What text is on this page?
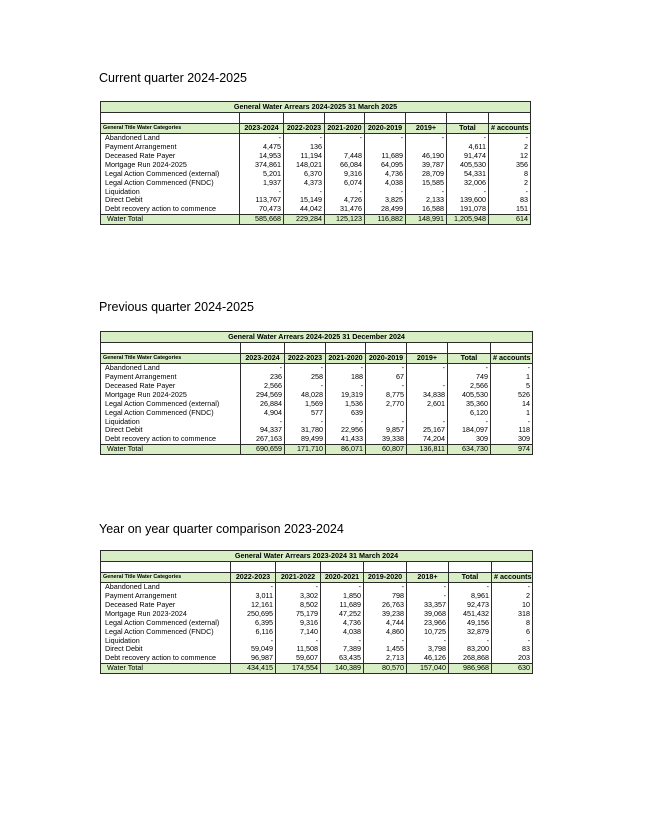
Current quarter 2024-2025
General Water Arrears 2024-2025 31 March 2025							

General Title Water Categories	2023-2024	2022-2023	2021-2020	2020-2019	2019+	Total	# accounts
Abandoned Land	-	-	-	-	-	-	-
Payment Arrangement	4,475	136				4,611	2
Deceased Rate Payer	14,953	11,194	7,448	11,689	46,190	91,474	12
Mortgage Run 2024-2025	374,861	148,021	66,084	64,095	39,787	405,530	356
Legal Action Commenced (external)	5,201	6,370	9,316	4,736	28,709	54,331	8
Legal Action Commenced (FNDC)	1,937	4,373	6,074	4,038	15,585	32,006	2
Liquidation	-	-	-	-	-	-	-
Direct Debit	113,767	15,149	4,726	3,825	2,133	139,600	83
Debt recovery action to commence	70,473	44,042	31,476	28,499	16,588	191,078	151
Water Total	585,668	229,284	125,123	116,882	148,991	1,205,948	614
Previous quarter 2024-2025
General Water Arrears 2024-2025 31 December 2024							

General Title Water Categories	2023-2024	2022-2023	2021-2020	2020-2019	2019+	Total	# accounts
Abandoned Land	-	-	-	-	-	-	-
Payment Arrangement	236	258	188	67		749	1
Deceased Rate Payer	2,566	-	-	-	-	2,566	5
Mortgage Run 2024-2025	294,569	48,028	19,319	8,775	34,838	405,530	526
Legal Action Commenced (external)	26,884	1,569	1,536	2,770	2,601	35,360	14
Legal Action Commenced (FNDC)	4,904	577	639			6,120	1
Liquidation	-	-	-	-	-	-	-
Direct Debit	94,337	31,780	22,956	9,857	25,167	184,097	118
Debt recovery action to commence	267,163	89,499	41,433	39,338	74,204	309	309
Water Total	690,659	171,710	86,071	60,807	136,811	634,730	974
Year on year quarter comparison 2023-2024
General Water Arrears 2023-2024 31 March 2024							

General Title Water Categories	2022-2023	2021-2022	2020-2021	2019-2020	2018+	Total	# accounts
Abandoned Land	-	-	-	-	-	-	-
Payment Arrangement	3,011	3,302	1,850	798	-	8,961	2
Deceased Rate Payer	12,161	8,502	11,689	26,763	33,357	92,473	10
Mortgage Run 2023-2024	250,695	75,179	47,252	39,238	39,068	451,432	318
Legal Action Commenced (external)	6,395	9,316	4,736	4,744	23,966	49,156	8
Legal Action Commenced (FNDC)	6,116	7,140	4,038	4,860	10,725	32,879	6
Liquidation	-	-	-	-	-	-	-
Direct Debit	59,049	11,508	7,389	1,455	3,798	83,200	83
Debt recovery action to commence	96,987	59,607	63,435	2,713	46,126	268,868	203
Water Total	434,415	174,554	140,389	80,570	157,040	986,968	630
